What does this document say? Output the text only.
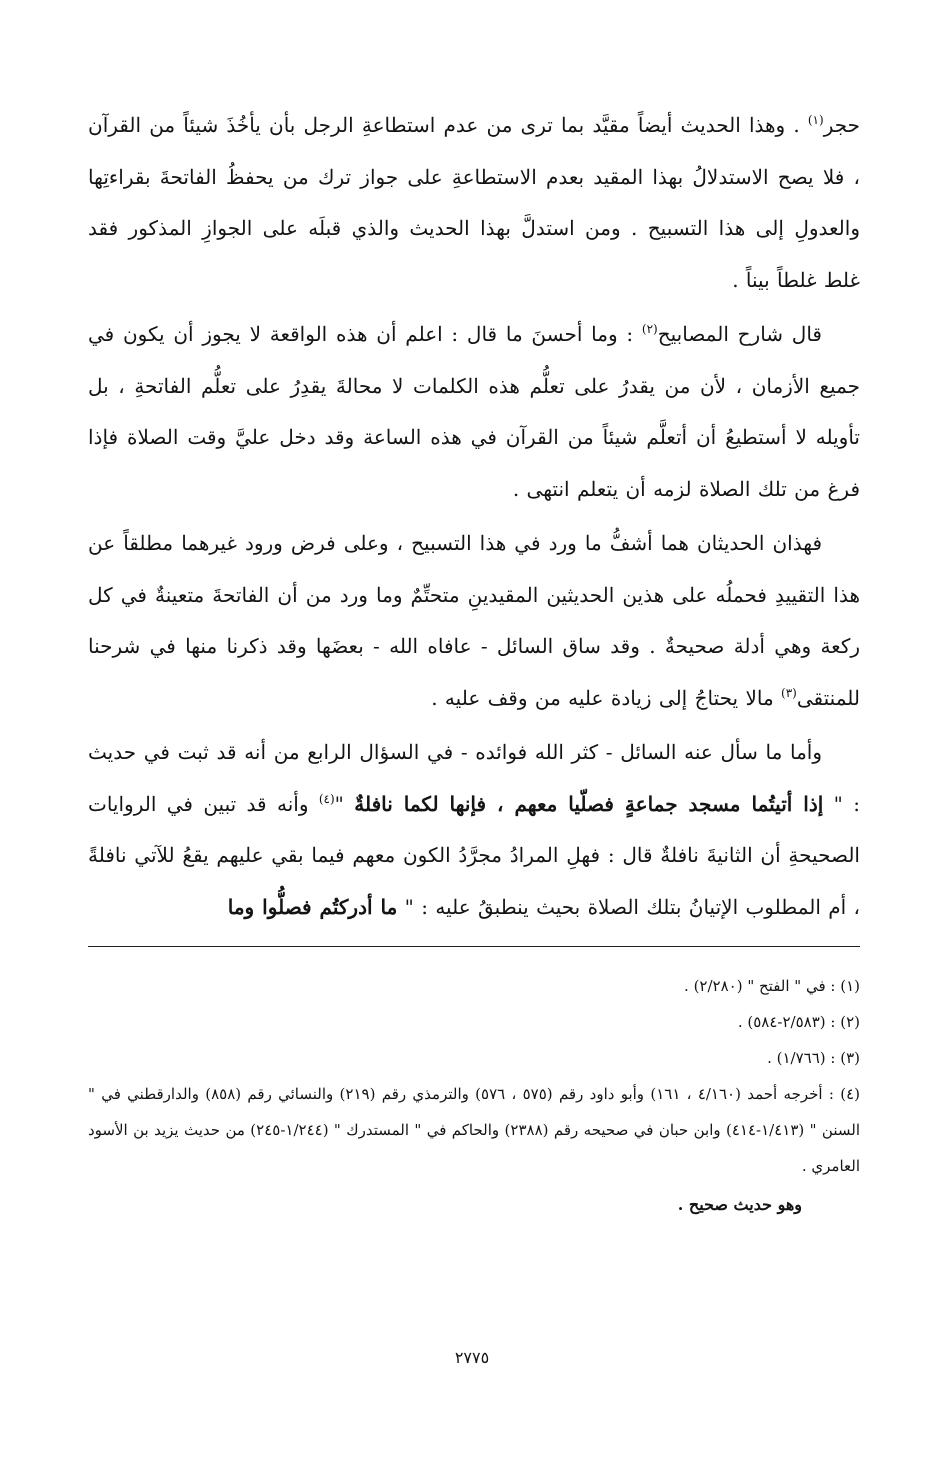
حجر$^{(١)}$ . وهذا الحديث أيضاً مقيَّد بما ترى من عدم استطاعةِ الرجل بأن يأخُذَ شيئاً من القرآن ، فلا يصح الاستدلالُ بهذا المقيد بعدم الاستطاعةِ على جواز ترك من يحفظُ الفاتحةَ بقراءتِها والعدولِ إلى هذا التسبيح . ومن استدلَّ بهذا الحديث والذي قبلَه على الجوازِ المذكور فقد غلط غلطاً بيناً .

قال شارح المصابيح$^{(٢)}$ : وما أحسنَ ما قال : اعلم أن هذه الواقعة لا يجوز أن يكون في جميع الأزمان ، لأن من يقدرُ على تعلُّم هذه الكلمات لا محالةَ يقدِرُ على تعلُّم الفاتحةِ ، بل تأويله لا أستطيعُ أن أتعلَّم شيئاً من القرآن في هذه الساعة وقد دخل عليَّ وقت الصلاة فإذا فرغ من تلك الصلاة لزمه أن يتعلم انتهى .

فهذان الحديثان هما أشفُّ ما ورد في هذا التسبيح ، وعلى فرض ورود غيرهما مطلقاً عن هذا التقييدِ فحملُه على هذين الحديثين المقيدينِ متحتِّمٌ وما ورد من أن الفاتحةَ متعينةٌ في كل ركعة وهي أدلة صحيحةٌ . وقد ساق السائل - عافاه الله - بعضَها وقد ذكرنا منها في شرحنا للمنتقى$^{(٣)}$ مالا يحتاجُ إلى زيادة عليه من وقف عليه .

وأما ما سأل عنه السائل - كثر الله فوائده - في السؤال الرابع من أنه قد ثبت في حديث : " إذا أتيتُما مسجد جماعةٍ فصلّيا معهم ، فإنها لكما نافلةٌ "$^{(٤)}$ وأنه قد تبين في الروايات الصحيحةِ أن الثانيةَ نافلةٌ قال : فهلِ المرادُ مجرَّدُ الكون معهم فيما بقي عليهم يقعُ للآتي نافلةً ، أم المطلوب الإتيانُ بتلك الصلاة بحيث ينطبقُ عليه : " ما أدركتُم فصلُّوا وما

(١) : في " الفتح " (٢/٢٨٠) .

(٢) : (٢/٥٨٣-٥٨٤) .

(٣) : (١/٧٦٦) .

(٤) : أخرجه أحمد (٤/١٦٠ ، ١٦١) وأبو داود رقم (٥٧٥ ، ٥٧٦) والترمذي رقم (٢١٩) والنسائي رقم (٨٥٨) والدارقطني في " السنن " (١/٤١٣-٤١٤) وابن حبان في صحيحه رقم (٢٣٨٨) والحاكم في " المستدرك " (١/٢٤٤-٢٤٥) من حديث يزيد بن الأسود العامري .

وهو حديث صحيح .

٢٧٧٥
